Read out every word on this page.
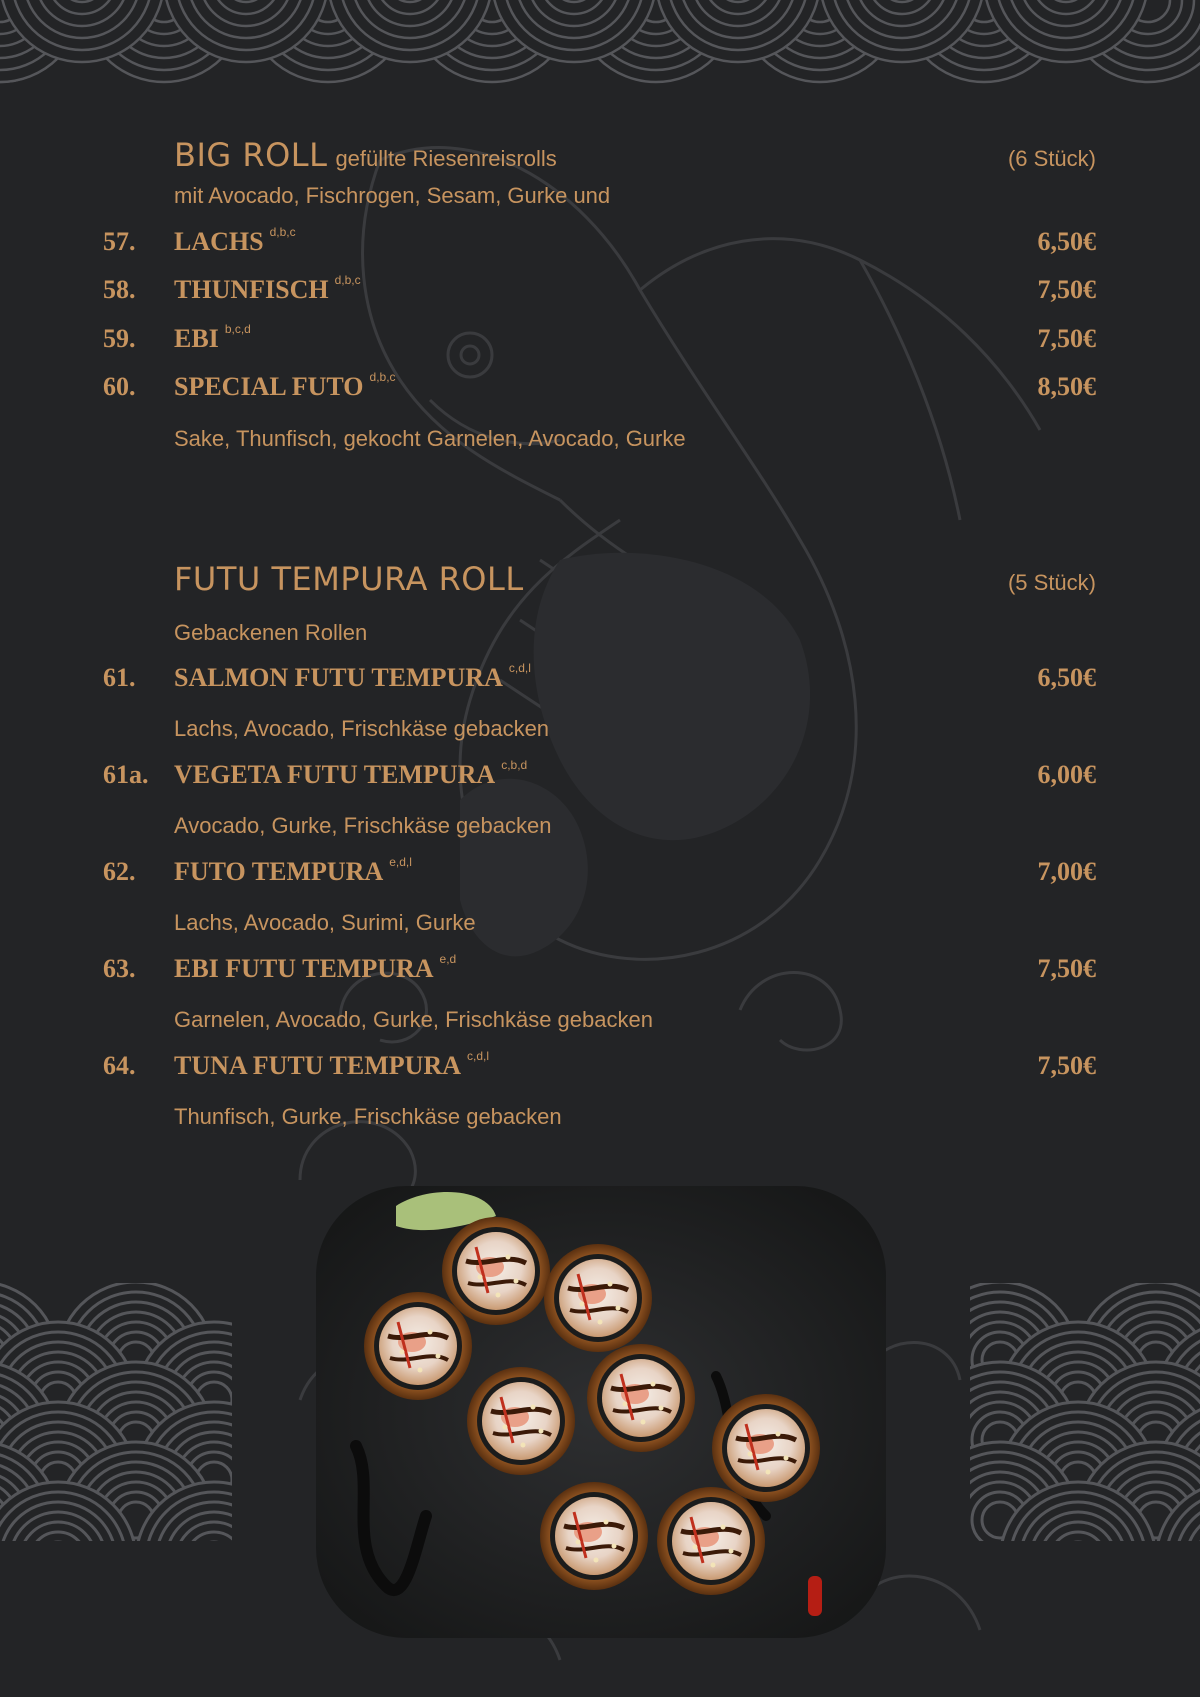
BIG ROLL gefüllte Riesenreisrolls	(6 Stück)
mit Avocado, Fischrogen, Sesam, Gurke und
57. LACHS $^{d,b,c}$	6,50€
58. THUNFISCH $^{d,b,c}$	7,50€
59. EBI $^{b,c,d}$	7,50€
60. SPECIAL FUTO $^{d,b,c}$	8,50€
Sake, Thunfisch, gekocht Garnelen, Avocado, Gurke
FUTU TEMPURA ROLL	(5 Stück)
Gebackenen Rollen
61. SALMON FUTU TEMPURA $^{c,d,l}$	6,50€
Lachs, Avocado, Frischkäse gebacken
61a. VEGETA FUTU TEMPURA $^{c,b,d}$	6,00€
Avocado, Gurke, Frischkäse gebacken
62. FUTO TEMPURA $^{e,d,l}$	7,00€
Lachs, Avocado, Surimi, Gurke
63. EBI FUTU TEMPURA $^{e,d}$	7,50€
Garnelen, Avocado, Gurke, Frischkäse gebacken
64. TUNA FUTU TEMPURA $^{c,d,l}$	7,50€
Thunfisch, Gurke, Frischkäse gebacken
